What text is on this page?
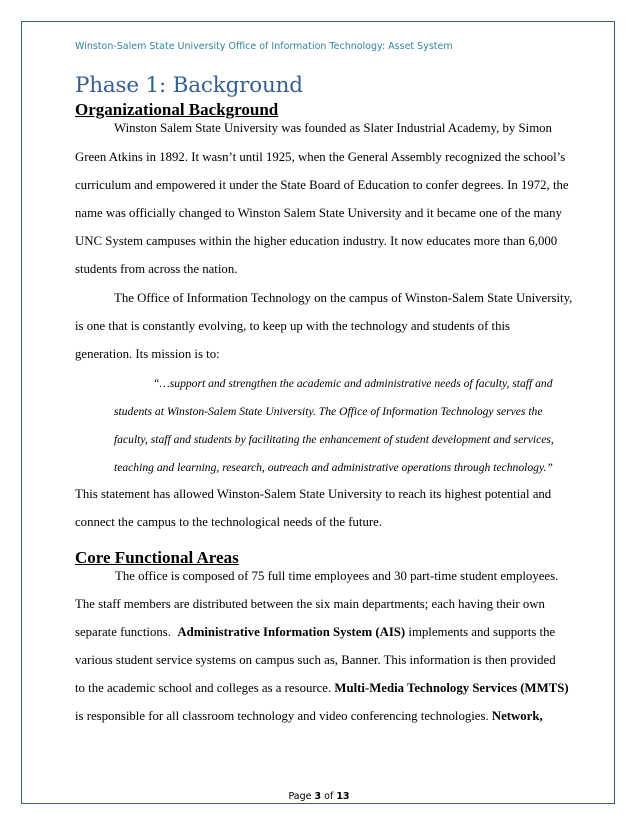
Winston-Salem State University Office of Information Technology: Asset System
Phase 1: Background
Organizational Background
Winston Salem State University was founded as Slater Industrial Academy, by Simon
Green Atkins in 1892. It wasn’t until 1925, when the General Assembly recognized the school’s
curriculum and empowered it under the State Board of Education to confer degrees. In 1972, the
name was officially changed to Winston Salem State University and it became one of the many
UNC System campuses within the higher education industry. It now educates more than 6,000
students from across the nation.
The Office of Information Technology on the campus of Winston-Salem State University,
is one that is constantly evolving, to keep up with the technology and students of this
generation. Its mission is to:
“…support and strengthen the academic and administrative needs of faculty, staff and
students at Winston-Salem State University. The Office of Information Technology serves the
faculty, staff and students by facilitating the enhancement of student development and services,
teaching and learning, research, outreach and administrative operations through technology.”
This statement has allowed Winston-Salem State University to reach its highest potential and
connect the campus to the technological needs of the future.
Core Functional Areas
The office is composed of 75 full time employees and 30 part-time student employees.
The staff members are distributed between the six main departments; each having their own
separate functions.  Administrative Information System (AIS) implements and supports the
various student service systems on campus such as, Banner. This information is then provided
to the academic school and colleges as a resource. Multi-Media Technology Services (MMTS)
is responsible for all classroom technology and video conferencing technologies. Network,
Page 3 of 13
